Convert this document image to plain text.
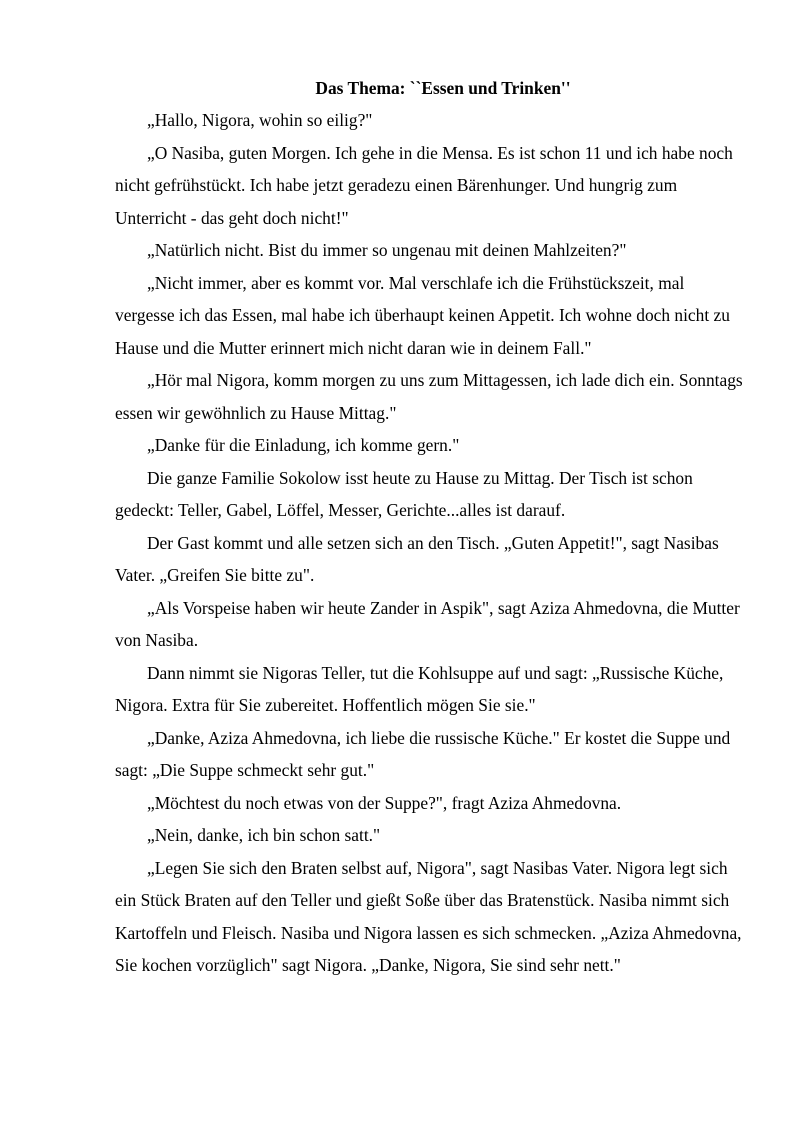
Das Thema: ``Essen und Trinken''

„Hallo, Nigora, wohin so eilig?"

„O Nasiba, guten Morgen. Ich gehe in die Mensa. Es ist schon 11 und ich habe noch nicht gefrühstückt. Ich habe jetzt geradezu einen Bärenhunger. Und hungrig zum Unterricht - das geht doch nicht!"

„Natürlich nicht. Bist du immer so ungenau mit deinen Mahlzeiten?"

„Nicht immer, aber es kommt vor. Mal verschlafe ich die Frühstückszeit, mal vergesse ich das Essen, mal habe ich überhaupt keinen Appetit. Ich wohne doch nicht zu Hause und die Mutter erinnert mich nicht daran wie in deinem Fall."

„Hör mal Nigora, komm morgen zu uns zum Mittagessen, ich lade dich ein. Sonntags essen wir gewöhnlich zu Hause Mittag."

„Danke für die Einladung, ich komme gern."

Die ganze Familie Sokolow isst heute zu Hause zu Mittag. Der Tisch ist schon gedeckt: Teller, Gabel, Löffel, Messer, Gerichte...alles ist darauf.

Der Gast kommt und alle setzen sich an den Tisch. „Guten Appetit!", sagt Nasibas Vater. „Greifen Sie bitte zu".

„Als Vorspeise haben wir heute Zander in Aspik", sagt Aziza Ahmedovna, die Mutter von Nasiba.

Dann nimmt sie Nigoras Teller, tut die Kohlsuppe auf und sagt: „Russische Küche, Nigora. Extra für Sie zubereitet. Hoffentlich mögen Sie sie."

„Danke, Aziza Ahmedovna, ich liebe die russische Küche." Er kostet die Suppe und sagt: „Die Suppe schmeckt sehr gut."

„Möchtest du noch etwas von der Suppe?", fragt Aziza Ahmedovna.

„Nein, danke, ich bin schon satt."

„Legen Sie sich den Braten selbst auf, Nigora", sagt Nasibas Vater. Nigora legt sich ein Stück Braten auf den Teller und gießt Soße über das Bratenstück. Nasiba nimmt sich Kartoffeln und Fleisch. Nasiba und Nigora lassen es sich schmecken. „Aziza Ahmedovna, Sie kochen vorzüglich" sagt Nigora. „Danke, Nigora, Sie sind sehr nett."
